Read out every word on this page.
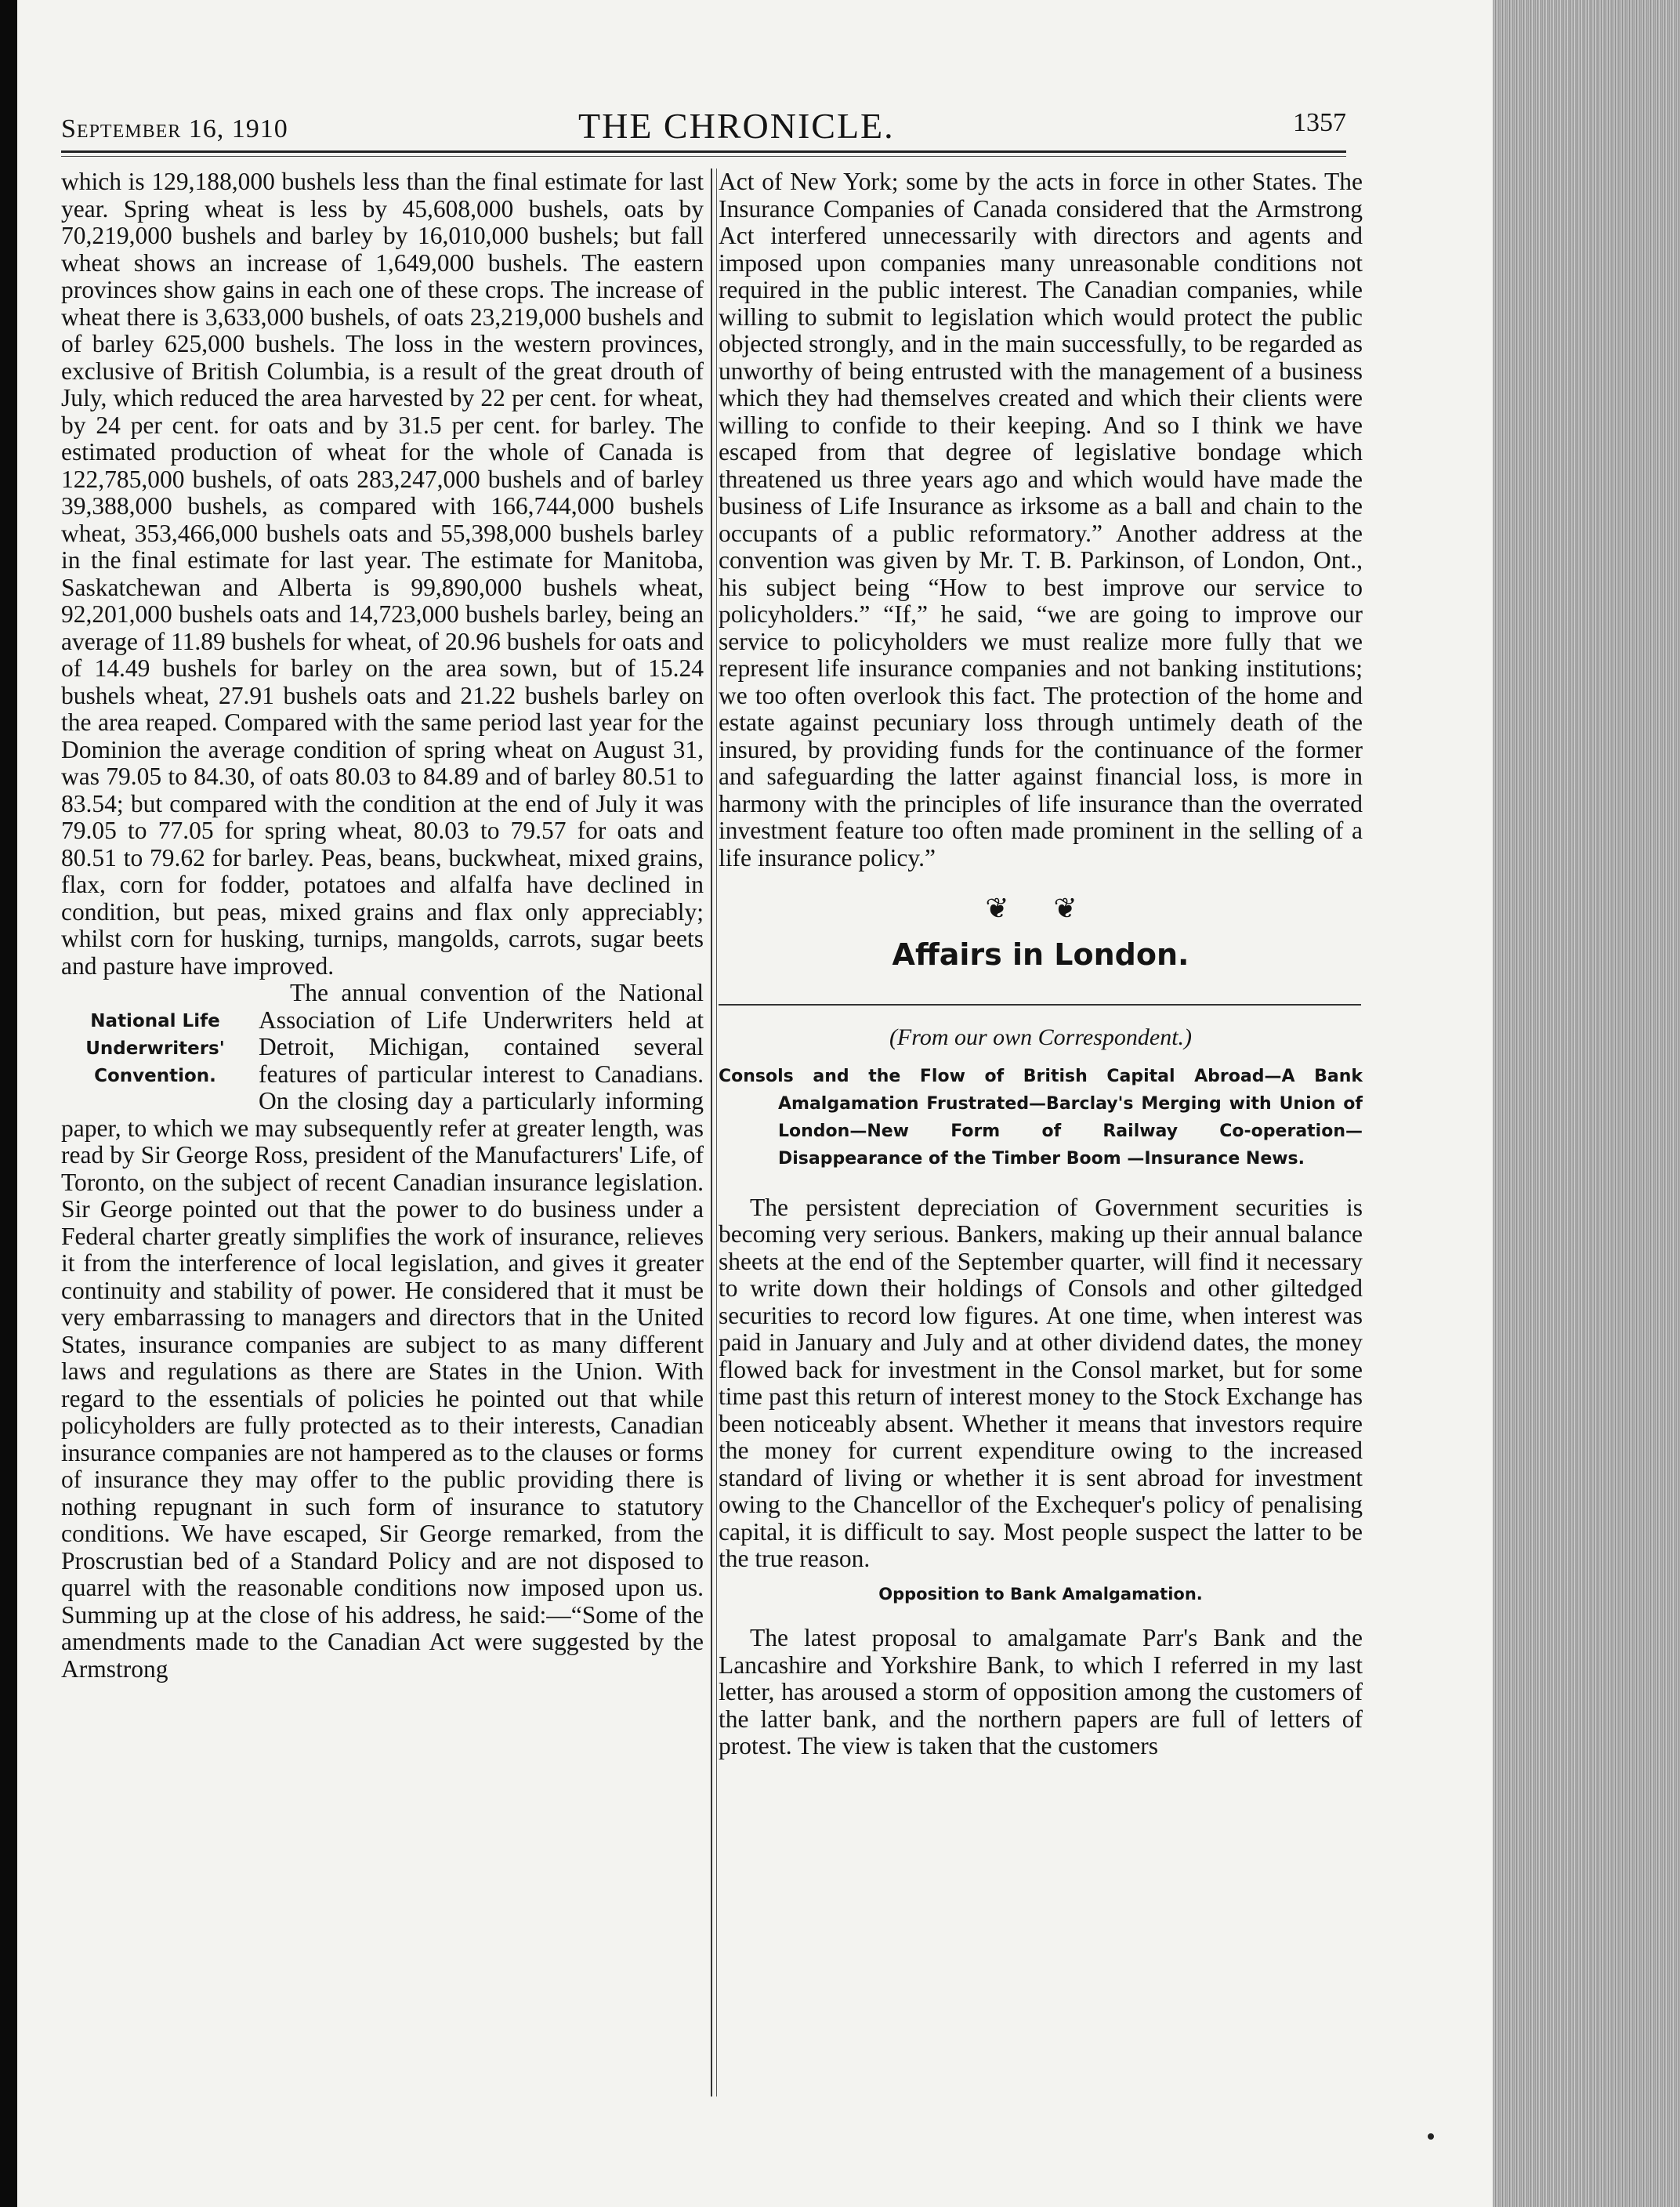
September 16, 1910	THE CHRONICLE.	1357

which is 129,188,000 bushels less than the final estimate for last year. Spring wheat is less by 45,608,000 bushels, oats by 70,219,000 bushels and barley by 16,010,000 bushels; but fall wheat shows an increase of 1,649,000 bushels. The eastern provinces show gains in each one of these crops. The increase of wheat there is 3,633,000 bushels, of oats 23,219,000 bushels and of barley 625,000 bushels. The loss in the western provinces, exclusive of British Columbia, is a result of the great drouth of July, which reduced the area harvested by 22 per cent. for wheat, by 24 per cent. for oats and by 31.5 per cent. for barley. The estimated production of wheat for the whole of Canada is 122,785,000 bushels, of oats 283,247,000 bushels and of barley 39,388,000 bushels, as compared with 166,744,000 bushels wheat, 353,466,000 bushels oats and 55,398,000 bushels barley in the final estimate for last year. The estimate for Manitoba, Saskatchewan and Alberta is 99,890,000 bushels wheat, 92,201,000 bushels oats and 14,723,000 bushels barley, being an average of 11.89 bushels for wheat, of 20.96 bushels for oats and of 14.49 bushels for barley on the area sown, but of 15.24 bushels wheat, 27.91 bushels oats and 21.22 bushels barley on the area reaped. Compared with the same period last year for the Dominion the average condition of spring wheat on August 31, was 79.05 to 84.30, of oats 80.03 to 84.89 and of barley 80.51 to 83.54; but compared with the condition at the end of July it was 79.05 to 77.05 for spring wheat, 80.03 to 79.57 for oats and 80.51 to 79.62 for barley. Peas, beans, buckwheat, mixed grains, flax, corn for fodder, potatoes and alfalfa have declined in condition, but peas, mixed grains and flax only appreciably; whilst corn for husking, turnips, mangolds, carrots, sugar beets and pasture have improved.

National Life Underwriters' Convention.

The annual convention of the National Association of Life Underwriters held at Detroit, Michigan, contained several features of particular interest to Canadians. On the closing day a particularly informing paper, to which we may subsequently refer at greater length, was read by Sir George Ross, president of the Manufacturers' Life, of Toronto, on the subject of recent Canadian insurance legislation. Sir George pointed out that the power to do business under a Federal charter greatly simplifies the work of insurance, relieves it from the interference of local legislation, and gives it greater continuity and stability of power. He considered that it must be very embarrassing to managers and directors that in the United States, insurance companies are subject to as many different laws and regulations as there are States in the Union. With regard to the essentials of policies he pointed out that while policyholders are fully protected as to their interests, Canadian insurance companies are not hampered as to the clauses or forms of insurance they may offer to the public providing there is nothing repugnant in such form of insurance to statutory conditions. We have escaped, Sir George remarked, from the Proscrustian bed of a Standard Policy and are not disposed to quarrel with the reasonable conditions now imposed upon us. Summing up at the close of his address, he said:—“Some of the amendments made to the Canadian Act were suggested by the Armstrong

Act of New York; some by the acts in force in other States. The Insurance Companies of Canada considered that the Armstrong Act interfered unnecessarily with directors and agents and imposed upon companies many unreasonable conditions not required in the public interest. The Canadian companies, while willing to submit to legislation which would protect the public objected strongly, and in the main successfully, to be regarded as unworthy of being entrusted with the management of a business which they had themselves created and which their clients were willing to confide to their keeping. And so I think we have escaped from that degree of legislative bondage which threatened us three years ago and which would have made the business of Life Insurance as irksome as a ball and chain to the occupants of a public reformatory.” Another address at the convention was given by Mr. T. B. Parkinson, of London, Ont., his subject being “How to best improve our service to policyholders.” “If,” he said, “we are going to improve our service to policyholders we must realize more fully that we represent life insurance companies and not banking institutions; we too often overlook this fact. The protection of the home and estate against pecuniary loss through untimely death of the insured, by providing funds for the continuance of the former and safeguarding the latter against financial loss, is more in harmony with the principles of life insurance than the overrated investment feature too often made prominent in the selling of a life insurance policy.”

❦ ❦
Affairs in London.
(From our own Correspondent.)
Consols and the Flow of British Capital Abroad—A Bank Amalgamation Frustrated—Barclay's Merging with Union of London—New Form of Railway Co-operation—Disappearance of the Timber Boom —Insurance News.

The persistent depreciation of Government securities is becoming very serious. Bankers, making up their annual balance sheets at the end of the September quarter, will find it necessary to write down their holdings of Consols and other giltedged securities to record low figures. At one time, when interest was paid in January and July and at other dividend dates, the money flowed back for investment in the Consol market, but for some time past this return of interest money to the Stock Exchange has been noticeably absent. Whether it means that investors require the money for current expenditure owing to the increased standard of living or whether it is sent abroad for investment owing to the Chancellor of the Exchequer's policy of penalising capital, it is difficult to say. Most people suspect the latter to be the true reason.

Opposition to Bank Amalgamation.

The latest proposal to amalgamate Parr's Bank and the Lancashire and Yorkshire Bank, to which I referred in my last letter, has aroused a storm of opposition among the customers of the latter bank, and the northern papers are full of letters of protest. The view is taken that the customers
